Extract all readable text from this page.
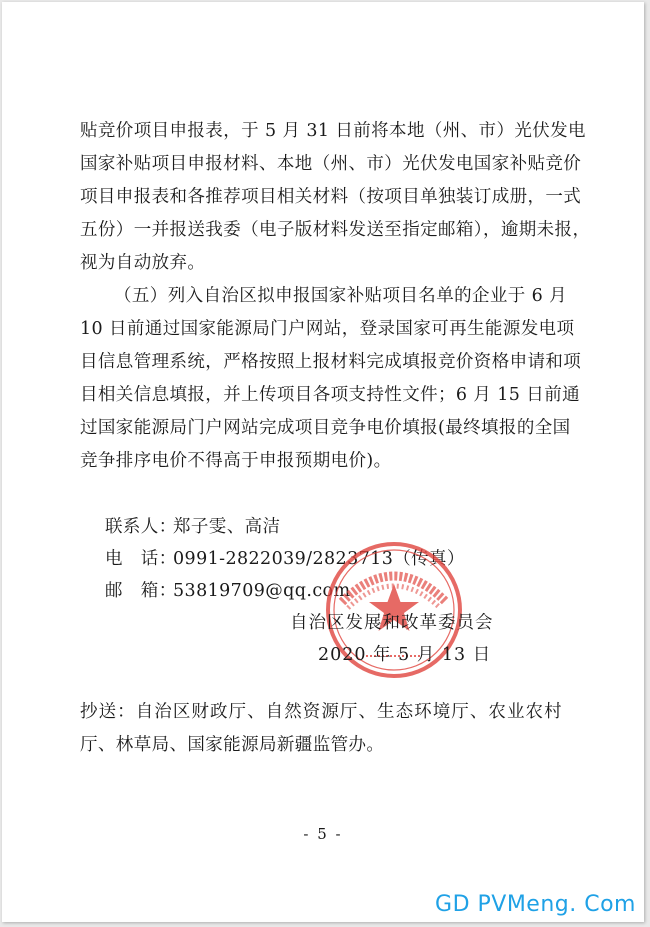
贴竞价项目申报表，于 5 月 31 日前将本地（州、市）光伏发电
国家补贴项目申报材料、本地（州、市）光伏发电国家补贴竞价
项目申报表和各推荐项目相关材料（按项目单独装订成册，一式
五份）一并报送我委（电子版材料发送至指定邮箱），逾期未报，
视为自动放弃。
（五）列入自治区拟申报国家补贴项目名单的企业于 6 月
10 日前通过国家能源局门户网站，登录国家可再生能源发电项
目信息管理系统，严格按照上报材料完成填报竞价资格申请和项
目相关信息填报，并上传项目各项支持性文件；6 月 15 日前通
过国家能源局门户网站完成项目竞争电价填报(最终填报的全国
竞争排序电价不得高于申报预期电价)。
联系人：郑子雯、高洁
电　话：0991-2822039/2823713（传真）
邮　箱：53819709@qq.com
自治区发展和改革委员会
2020 年 5 月 13 日
抄送：自治区财政厅、自然资源厅、生态环境厅、农业农村
厅、林草局、国家能源局新疆监管办。
- 5 -
GD PVMeng. Com
